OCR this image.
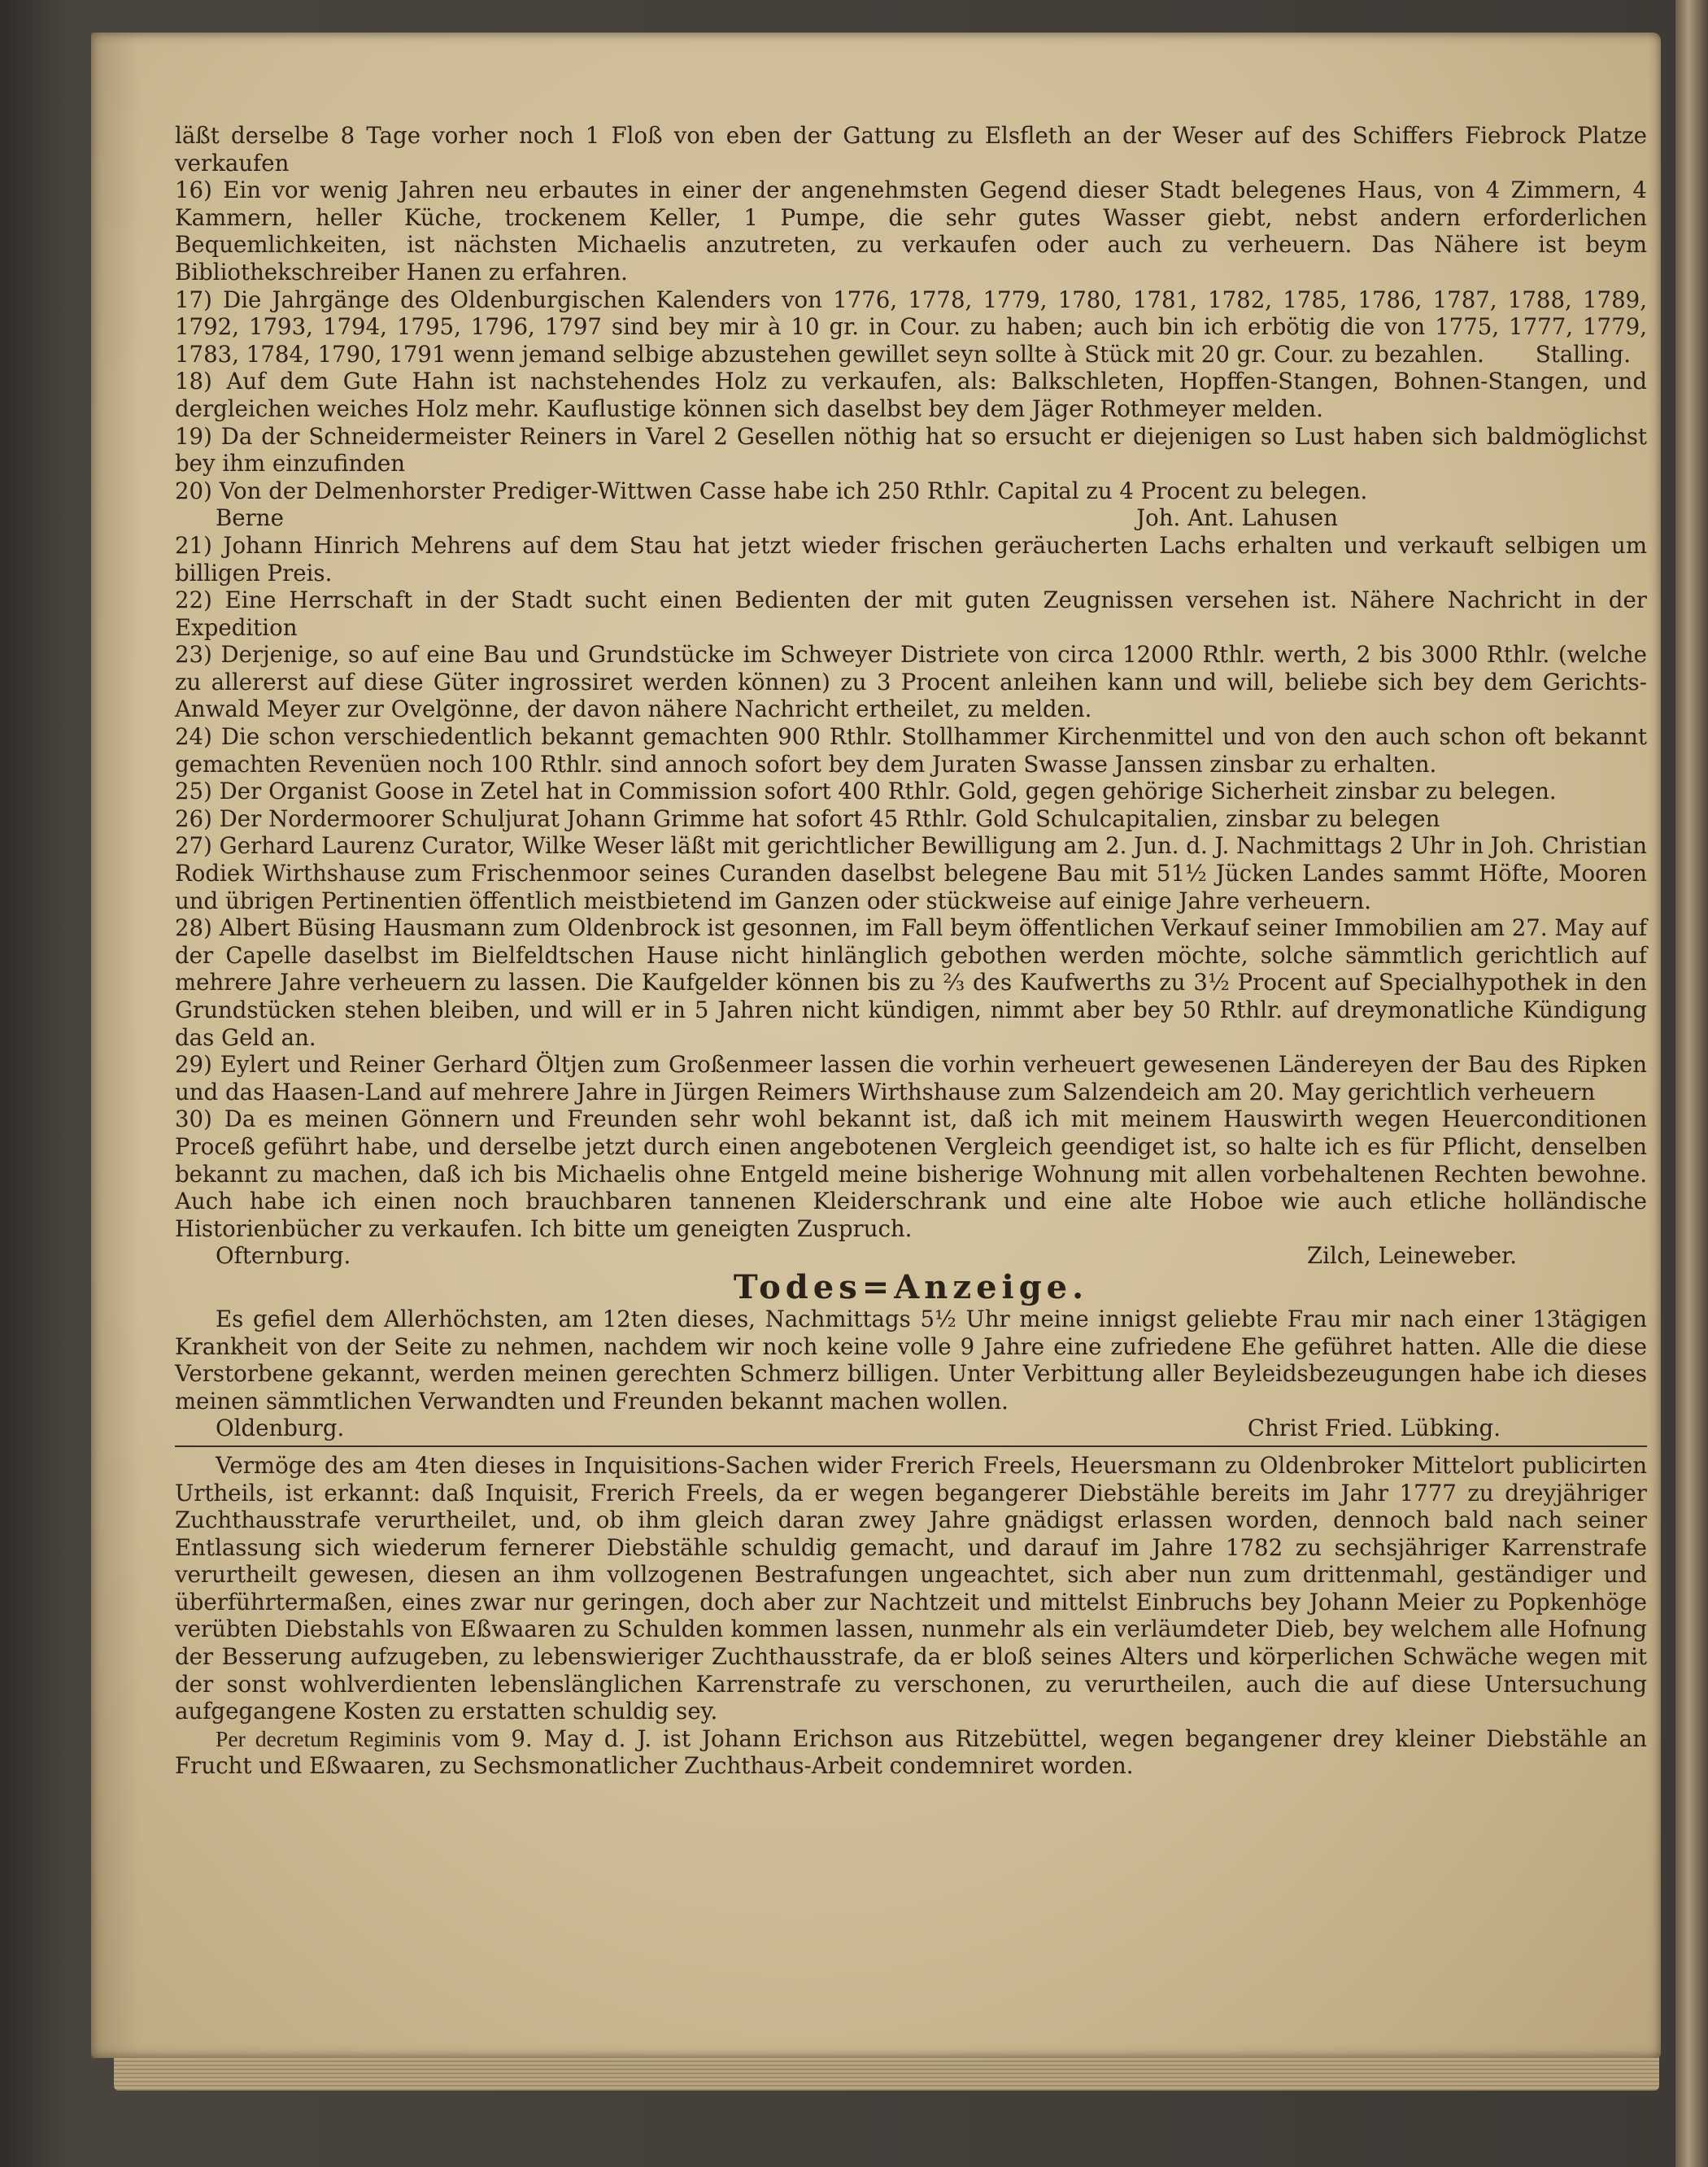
läßt derselbe 8 Tage vorher noch 1 Floß von eben der Gattung zu Elsfleth an der Weser auf des Schiffers Fiebrock Platze verkaufen

16) Ein vor wenig Jahren neu erbautes in einer der angenehmsten Gegend dieser Stadt belegenes Haus, von 4 Zimmern, 4 Kammern, heller Küche, trockenem Keller, 1 Pumpe, die sehr gutes Wasser giebt, nebst andern erforderlichen Bequemlichkeiten, ist nächsten Michaelis anzutreten, zu verkaufen oder auch zu verheuern. Das Nähere ist beym Bibliothekschreiber Hanen zu erfahren.

17) Die Jahrgänge des Oldenburgischen Kalenders von 1776, 1778, 1779, 1780, 1781, 1782, 1785, 1786, 1787, 1788, 1789, 1792, 1793, 1794, 1795, 1796, 1797 sind bey mir à 10 gr. in Cour. zu haben; auch bin ich erbötig die von 1775, 1777, 1779, 1783, 1784, 1790, 1791 wenn jemand selbige abzustehen gewillet seyn sollte à Stück mit 20 gr. Cour. zu bezahlen. Stalling.

18) Auf dem Gute Hahn ist nachstehendes Holz zu verkaufen, als: Balkschleten, Hopffen-Stangen, Bohnen-Stangen, und dergleichen weiches Holz mehr. Kauflustige können sich daselbst bey dem Jäger Rothmeyer melden.

19) Da der Schneidermeister Reiners in Varel 2 Gesellen nöthig hat so ersucht er diejenigen so Lust haben sich baldmöglichst bey ihm einzufinden

20) Von der Delmenhorster Prediger-Wittwen Casse habe ich 250 Rthlr. Capital zu 4 Procent zu belegen.

Berne	Joh. Ant. Lahusen

21) Johann Hinrich Mehrens auf dem Stau hat jetzt wieder frischen geräucherten Lachs erhalten und verkauft selbigen um billigen Preis.

22) Eine Herrschaft in der Stadt sucht einen Bedienten der mit guten Zeugnissen versehen ist. Nähere Nachricht in der Expedition

23) Derjenige, so auf eine Bau und Grundstücke im Schweyer Distriete von circa 12000 Rthlr. werth, 2 bis 3000 Rthlr. (welche zu allererst auf diese Güter ingrossiret werden können) zu 3 Procent anleihen kann und will, beliebe sich bey dem Gerichts-Anwald Meyer zur Ovelgönne, der davon nähere Nachricht ertheilet, zu melden.

24) Die schon verschiedentlich bekannt gemachten 900 Rthlr. Stollhammer Kirchenmittel und von den auch schon oft bekannt gemachten Revenüen noch 100 Rthlr. sind annoch sofort bey dem Juraten Swasse Janssen zinsbar zu erhalten.

25) Der Organist Goose in Zetel hat in Commission sofort 400 Rthlr. Gold, gegen gehörige Sicherheit zinsbar zu belegen.

26) Der Nordermoorer Schuljurat Johann Grimme hat sofort 45 Rthlr. Gold Schulcapitalien, zinsbar zu belegen

27) Gerhard Laurenz Curator, Wilke Weser läßt mit gerichtlicher Bewilligung am 2. Jun. d. J. Nachmittags 2 Uhr in Joh. Christian Rodiek Wirthshause zum Frischenmoor seines Curanden daselbst belegene Bau mit 51½ Jücken Landes sammt Höfte, Mooren und übrigen Pertinentien öffentlich meistbietend im Ganzen oder stückweise auf einige Jahre verheuern.

28) Albert Büsing Hausmann zum Oldenbrock ist gesonnen, im Fall beym öffentlichen Verkauf seiner Immobilien am 27. May auf der Capelle daselbst im Bielfeldtschen Hause nicht hinlänglich gebothen werden möchte, solche sämmtlich gerichtlich auf mehrere Jahre verheuern zu lassen. Die Kaufgelder können bis zu ⅔ des Kaufwerths zu 3½ Procent auf Specialhypothek in den Grundstücken stehen bleiben, und will er in 5 Jahren nicht kündigen, nimmt aber bey 50 Rthlr. auf dreymonatliche Kündigung das Geld an.

29) Eylert und Reiner Gerhard Öltjen zum Großenmeer lassen die vorhin verheuert gewesenen Ländereyen der Bau des Ripken und das Haasen-Land auf mehrere Jahre in Jürgen Reimers Wirthshause zum Salzendeich am 20. May gerichtlich verheuern

30) Da es meinen Gönnern und Freunden sehr wohl bekannt ist, daß ich mit meinem Hauswirth wegen Heuerconditionen Proceß geführt habe, und derselbe jetzt durch einen angebotenen Vergleich geendiget ist, so halte ich es für Pflicht, denselben bekannt zu machen, daß ich bis Michaelis ohne Entgeld meine bisherige Wohnung mit allen vorbehaltenen Rechten bewohne. Auch habe ich einen noch brauchbaren tannenen Kleiderschrank und eine alte Hoboe wie auch etliche holländische Historienbücher zu verkaufen. Ich bitte um geneigten Zuspruch.

Ofternburg.	Zilch, Leineweber.

Todes=Anzeige.

Es gefiel dem Allerhöchsten, am 12ten dieses, Nachmittags 5½ Uhr meine innigst geliebte Frau mir nach einer 13tägigen Krankheit von der Seite zu nehmen, nachdem wir noch keine volle 9 Jahre eine zufriedene Ehe geführet hatten. Alle die diese Verstorbene gekannt, werden meinen gerechten Schmerz billigen. Unter Verbittung aller Beyleidsbezeugungen habe ich dieses meinen sämmtlichen Verwandten und Freunden bekannt machen wollen.

Oldenburg.	Christ Fried. Lübking.

Vermöge des am 4ten dieses in Inquisitions-Sachen wider Frerich Freels, Heuersmann zu Oldenbroker Mittelort publicirten Urtheils, ist erkannt: daß Inquisit, Frerich Freels, da er wegen begangerer Diebstähle bereits im Jahr 1777 zu dreyjähriger Zuchthausstrafe verurtheilet, und, ob ihm gleich daran zwey Jahre gnädigst erlassen worden, dennoch bald nach seiner Entlassung sich wiederum fernerer Diebstähle schuldig gemacht, und darauf im Jahre 1782 zu sechsjähriger Karrenstrafe verurtheilt gewesen, diesen an ihm vollzogenen Bestrafungen ungeachtet, sich aber nun zum drittenmahl, geständiger und überführtermaßen, eines zwar nur geringen, doch aber zur Nachtzeit und mittelst Einbruchs bey Johann Meier zu Popkenhöge verübten Diebstahls von Eßwaaren zu Schulden kommen lassen, nunmehr als ein verläumdeter Dieb, bey welchem alle Hofnung der Besserung aufzugeben, zu lebenswieriger Zuchthausstrafe, da er bloß seines Alters und körperlichen Schwäche wegen mit der sonst wohlverdienten lebenslänglichen Karrenstrafe zu verschonen, zu verurtheilen, auch die auf diese Untersuchung aufgegangene Kosten zu erstatten schuldig sey.

Per decretum Regiminis vom 9. May d. J. ist Johann Erichson aus Ritzebüttel, wegen begangener drey kleiner Diebstähle an Frucht und Eßwaaren, zu Sechsmonatlicher Zuchthaus-Arbeit condemniret worden.
